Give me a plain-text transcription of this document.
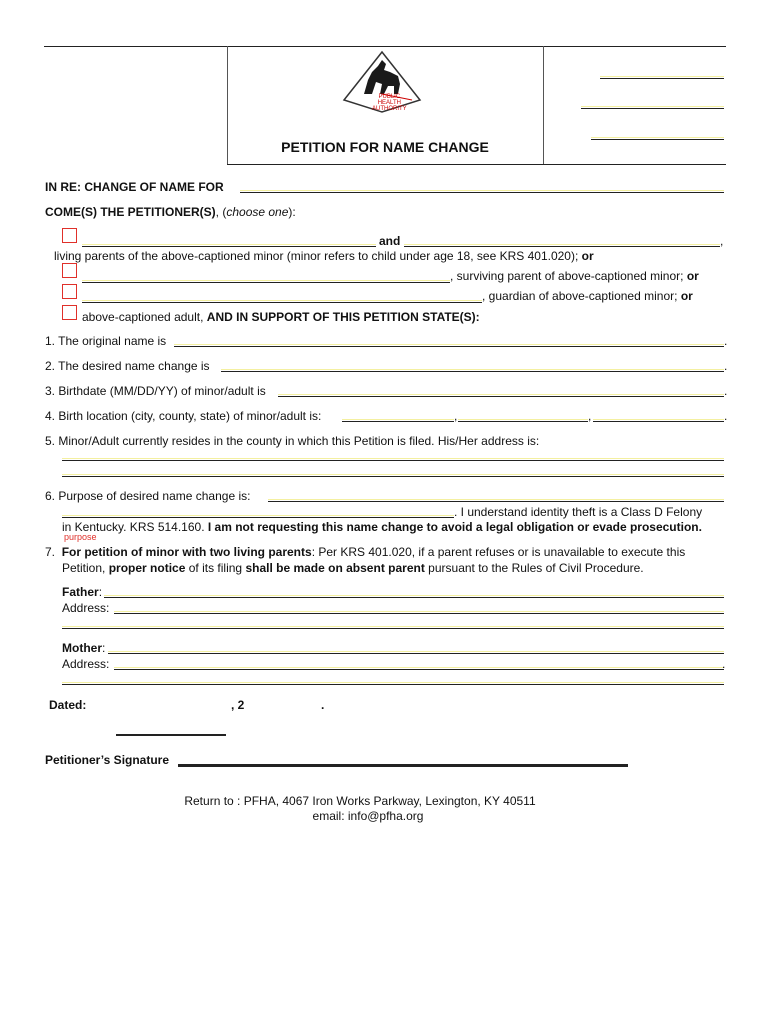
PUBLIC
HEALTH
AUTHORITY
PETITION FOR NAME CHANGE
IN RE: CHANGE OF NAME FOR
COME(S) THE PETITIONER(S), (choose one):
and	,
living parents of the above-captioned minor (minor refers to child under age 18, see KRS 401.020); or
, surviving parent of above-captioned minor; or
, guardian of above-captioned minor; or
above-captioned adult, AND IN SUPPORT OF THIS PETITION STATE(S):
1. The original name is	.
2. The desired name change is	.
3. Birthdate (MM/DD/YY) of minor/adult is	.
4. Birth location (city, county, state) of minor/adult is:	,	,	.
5. Minor/Adult currently resides in the county in which this Petition is filed. His/Her address is:
6. Purpose of desired name change is:
. I understand identity theft is a Class D Felony
in Kentucky. KRS 514.160. I am not requesting this name change to avoid a legal obligation or evade prosecution.
purpose
7. For petition of minor with two living parents: Per KRS 401.020, if a parent refuses or is unavailable to execute this
Petition, proper notice of its filing shall be made on absent parent pursuant to the Rules of Civil Procedure.
Father:
Address:
Mother:
Address:	.
Dated:	, 2	.
Petitioner’s Signature
Return to : PFHA, 4067 Iron Works Parkway, Lexington, KY 40511
email: info@pfha.org
